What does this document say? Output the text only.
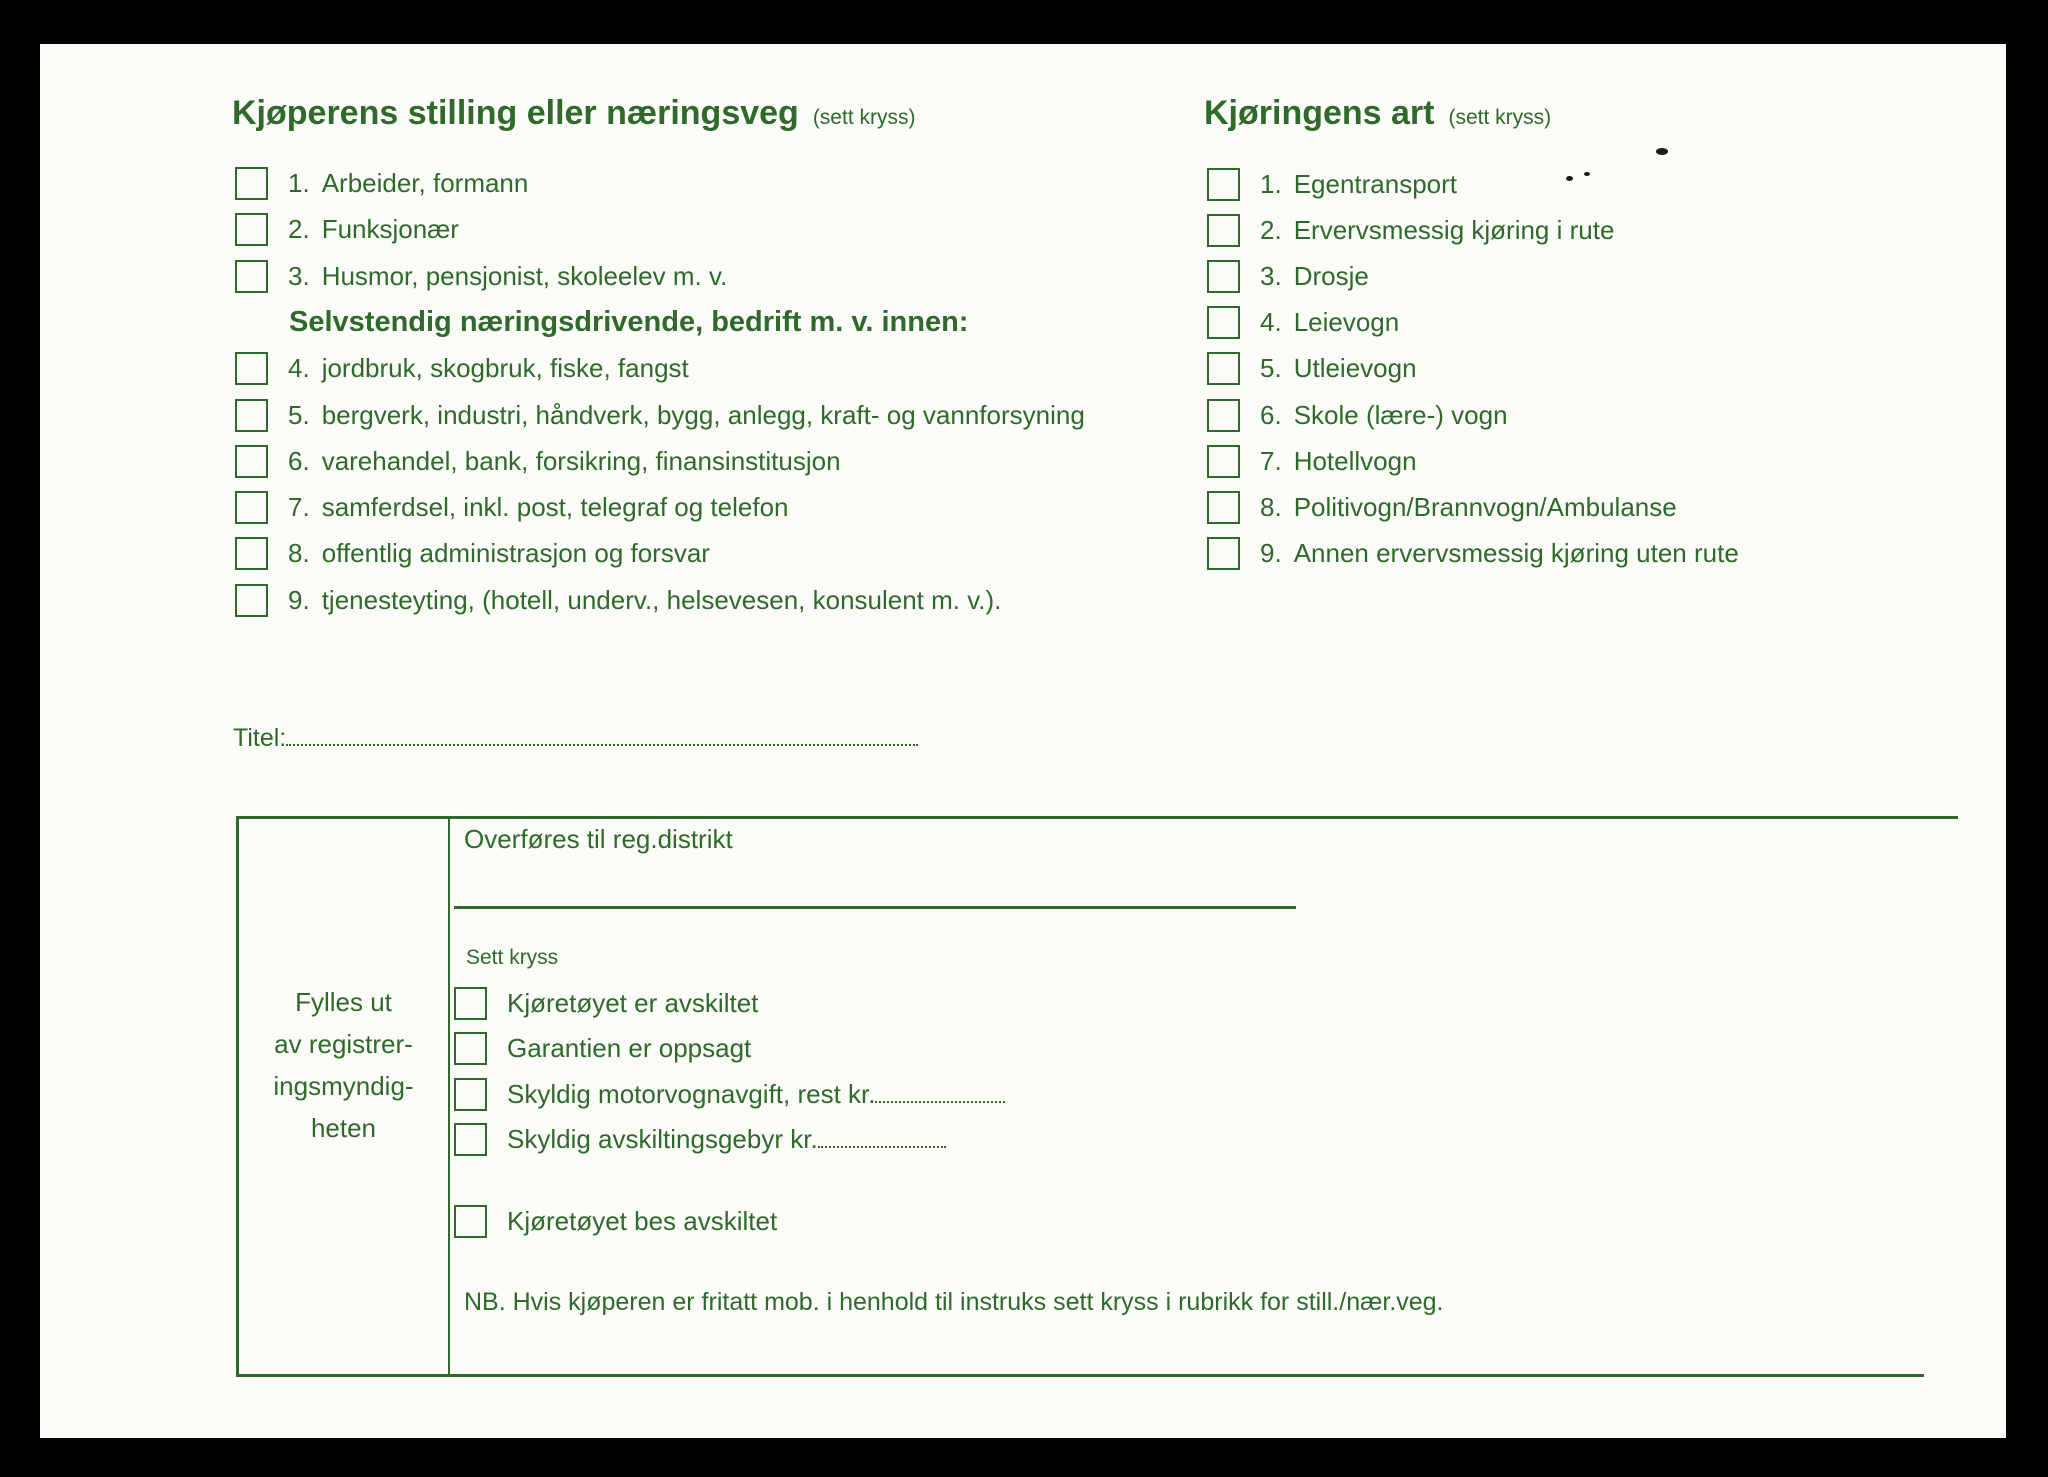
Kjøperens stilling eller næringsveg (sett kryss)
1. Arbeider, formann
2. Funksjonær
3. Husmor, pensjonist, skoleelev m. v.
Selvstendig næringsdrivende, bedrift m. v. innen:
4. jordbruk, skogbruk, fiske, fangst
5. bergverk, industri, håndverk, bygg, anlegg, kraft- og vannforsyning
6. varehandel, bank, forsikring, finansinstitusjon
7. samferdsel, inkl. post, telegraf og telefon
8. offentlig administrasjon og forsvar
9. tjenesteyting, (hotell, underv., helsevesen, konsulent m. v.).
Kjøringens art (sett kryss)
1. Egentransport
2. Ervervsmessig kjøring i rute
3. Drosje
4. Leievogn
5. Utleievogn
6. Skole (lære-) vogn
7. Hotellvogn
8. Politivogn/Brannvogn/Ambulanse
9. Annen ervervsmessig kjøring uten rute
Titel:
Fylles ut
av registrer-
ingsmyndig-
heten
Overføres til reg.distrikt
Sett kryss
Kjøretøyet er avskiltet
Garantien er oppsagt
Skyldig motorvognavgift, rest kr.
Skyldig avskiltingsgebyr kr.
Kjøretøyet bes avskiltet
NB. Hvis kjøperen er fritatt mob. i henhold til instruks sett kryss i rubrikk for still./nær.veg.
